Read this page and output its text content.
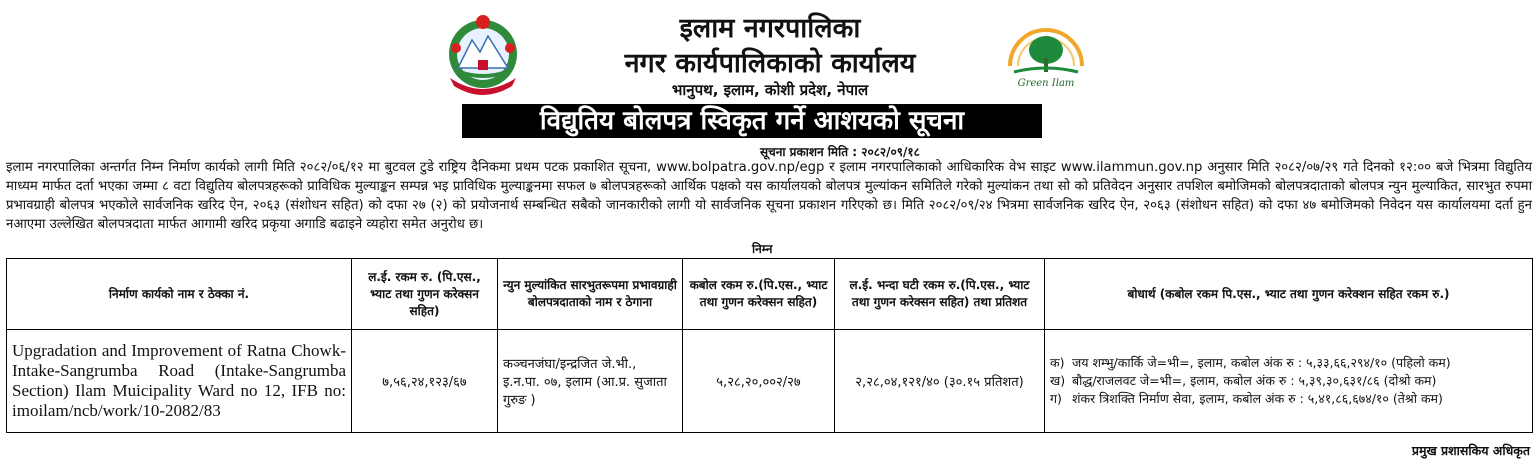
इलाम नगरपालिका
नगर कार्यपालिकाको कार्यालय
भानुपथ, इलाम, कोशी प्रदेश, नेपाल	Green Ilam
विद्युतिय बोलपत्र स्विकृत गर्ने आशयको सूचना
सूचना प्रकाशन मिति : २०८२/०९/१८
इलाम नगरपालिका अन्तर्गत निम्न निर्माण कार्यको लागी मिति २०८२/०६/१२ मा बुटवल टुडे राष्ट्रिय दैनिकमा प्रथम पटक प्रकाशित सूचना, www.bolpatra.gov.np/egp र इलाम नगरपालिकाको आधिकारिक वेभ साइट www.ilammun.gov.np अनुसार मिति २०८२/०७/२९ गते दिनको १२:०० बजे भित्रमा विद्युतिय माध्यम मार्फत दर्ता भएका जम्मा ८ वटा विद्युतिय बोलपत्रहरूको प्राविधिक मुल्याङ्कन सम्पन्न भइ प्राविधिक मुल्याङ्कनमा सफल ७ बोलपत्रहरूको आर्थिक पक्षको यस कार्यालयको बोलपत्र मुल्यांकन समितिले गरेको मुल्यांकन तथा सो को प्रतिवेदन अनुसार तपशिल बमोजिमको बोलपत्रदाताको बोलपत्र न्युन मुल्याकित, सारभुत रुपमा प्रभावग्राही बोलपत्र भएकोले सार्वजनिक खरिद ऐन, २०६३ (संशोधन सहित) को दफा २७ (२) को प्रयोजनार्थ सम्बन्धित सबैको जानकारीको लागी यो सार्वजनिक सूचना प्रकाशन गरिएको छ। मिति २०८२/०९/२४ भित्रमा सार्वजनिक खरिद ऐन, २०६३ (संशोधन सहित) को दफा ४७ बमोजिमको निवेदन यस कार्यालयमा दर्ता हुन नआएमा उल्लेखित बोलपत्रदाता मार्फत आगामी खरिद प्रकृया अगाडि बढाइने व्यहोरा समेत अनुरोध छ।
निम्न
निर्माण कार्यको नाम र ठेक्का नं.	ल.ई. रकम रु. (पि.एस., भ्याट तथा गुणन करेक्सन सहित)	न्युन मुल्यांकित सारभुतरूपमा प्रभावग्राही बोलपत्रदाताको नाम र ठेगाना	कबोल रकम रु.(पि.एस., भ्याट तथा गुणन करेक्सन सहित)	ल.ई. भन्दा घटी रकम रु.(पि.एस., भ्याट तथा गुणन करेक्सन सहित) तथा प्रतिशत	बोधार्थ (कबोल रकम पि.एस., भ्याट तथा गुणन करेक्शन सहित रकम रु.)
Upgradation and Improvement of Ratna Chowk- Intake-Sangrumba Road (Intake-Sangrumba Section) Ilam Muicipality Ward no 12, IFB no: imoilam/ncb/work/10-2082/83	७,५६,२४,१२३/६७	कञ्चनजंघा/इन्द्रजित जे.भी., इ.न.पा. ०७, इलाम (आ.प्र. सुजाता गुरुङ )	५,२८,२०,००२/२७	२,२८,०४,१२१/४० (३०.१५ प्रतिशत)	क) जय शम्भु/कार्कि जे=भी=, इलाम, कबोल अंक रु : ५,३३,६६,२९४/१० (पहिलो कम)
ख) बौद्ध/राजलवट जे=भी=, इलाम, कबोल अंक रु : ५,३९,३०,६३१/८६ (दोश्रो कम)
ग) शंकर त्रिशक्ति निर्माण सेवा, इलाम, कबोल अंक रु : ५,४१,८६,६७४/१० (तेश्रो कम)
प्रमुख प्रशासकिय अधिकृत
